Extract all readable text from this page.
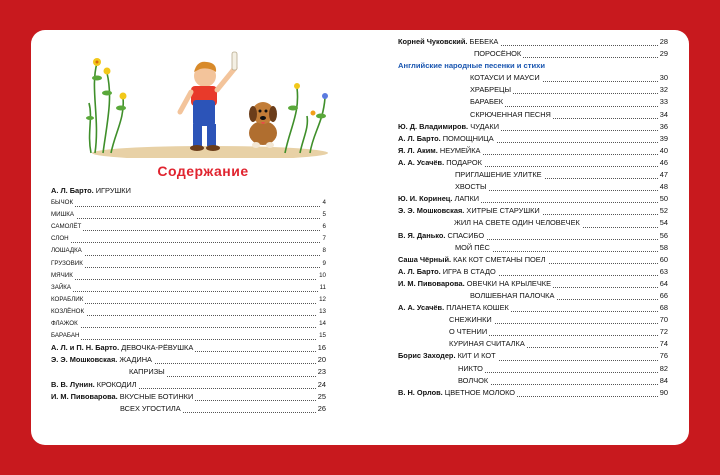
Содержание
А. Л. Барто. ИГРУШКИ
БЫЧОК	4
МИШКА	5
САМОЛЁТ	6
СЛОН	7
ЛОШАДКА	8
ГРУЗОВИК	9
МЯЧИК	10
ЗАЙКА	11
КОРАБЛИК	12
КОЗЛЁНОК	13
ФЛАЖОК	14
БАРАБАН	15
А. Л. и П. Н. Барто. ДЕВОЧКА-РЁВУШКА	16
Э. Э. Мошковская. ЖАДИНА	20
КАПРИЗЫ	23
В. В. Лунин. КРОКОДИЛ	24
И. М. Пивоварова. ВКУСНЫЕ БОТИНКИ	25
ВСЕХ УГОСТИЛА	26
Корней Чуковский. БЕБЕКА	28
ПОРОСЁНОК	29
Английские народные песенки и стихи
КОТАУСИ И МАУСИ	30
ХРАБРЕЦЫ	32
БАРАБЕК	33
СКРЮЧЕННАЯ ПЕСНЯ	34
Ю. Д. Владимиров. ЧУДАКИ	36
А. Л. Барто. ПОМОЩНИЦА	39
Я. Л. Аким. НЕУМЕЙКА	40
А. А. Усачёв. ПОДАРОК	46
ПРИГЛАШЕНИЕ УЛИТКЕ	47
ХВОСТЫ	48
Ю. И. Коринец. ЛАПКИ	50
Э. Э. Мошковская. ХИТРЫЕ СТАРУШКИ	52
ЖИЛ НА СВЕТЕ ОДИН ЧЕЛОВЕЧЕК	54
В. Я. Данько. СПАСИБО	56
МОЙ ПЁС	58
Саша Чёрный. КАК КОТ СМЕТАНЫ ПОЕЛ	60
А. Л. Барто. ИГРА В СТАДО	63
И. М. Пивоварова. ОВЕЧКИ НА КРЫЛЕЧКЕ	64
ВОЛШЕБНАЯ ПАЛОЧКА	66
А. А. Усачёв. ПЛАНЕТА КОШЕК	68
СНЕЖИНКИ	70
О ЧТЕНИИ	72
КУРИНАЯ СЧИТАЛКА	74
Борис Заходер. КИТ И КОТ	76
НИКТО	82
ВОЛЧОК	84
В. Н. Орлов. ЦВЕТНОЕ МОЛОКО	90
